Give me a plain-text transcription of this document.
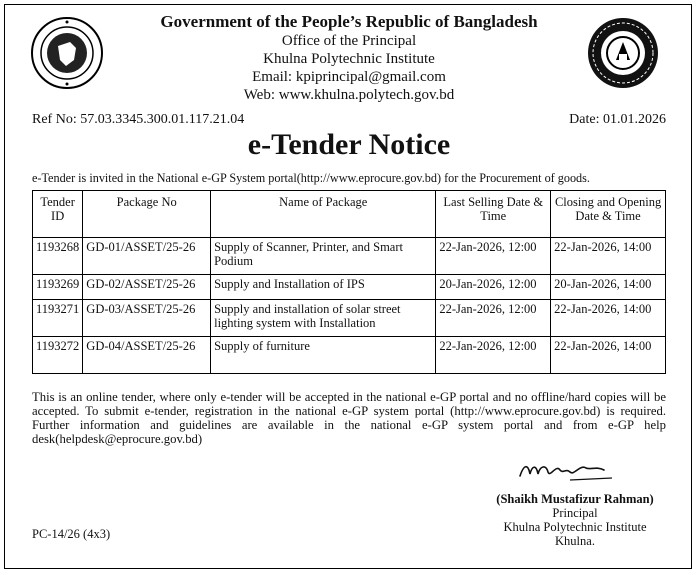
Government of the People’s Republic of Bangladesh
Office of the Principal
Khulna Polytechnic Institute
Email: kpiprincipal@gmail.com
Web: www.khulna.polytech.gov.bd
Ref No: 57.03.3345.300.01.117.21.04	Date: 01.01.2026
e-Tender Notice
e-Tender is invited in the National e-GP System portal(http://www.eprocure.gov.bd) for the Procurement of goods.
Tender ID	Package No	Name of Package	Last Selling Date & Time	Closing and Opening Date & Time
1193268	GD-01/ASSET/25-26	Supply of Scanner, Printer, and Smart Podium	22-Jan-2026, 12:00	22-Jan-2026, 14:00
1193269	GD-02/ASSET/25-26	Supply and Installation of IPS	20-Jan-2026, 12:00	20-Jan-2026, 14:00
1193271	GD-03/ASSET/25-26	Supply and installation of solar street lighting system with Installation	22-Jan-2026, 12:00	22-Jan-2026, 14:00
1193272	GD-04/ASSET/25-26	Supply of furniture	22-Jan-2026, 12:00	22-Jan-2026, 14:00
This is an online tender, where only e-tender will be accepted in the national e-GP portal and no offline/hard copies will be accepted. To submit e-tender, registration in the national e-GP system portal (http://www.eprocure.gov.bd) is required. Further information and guidelines are available in the national e-GP system portal and from e-GP help desk(helpdesk@eprocure.gov.bd)
(Shaikh Mustafizur Rahman)
Principal
Khulna Polytechnic Institute
Khulna.
PC-14/26 (4x3)
